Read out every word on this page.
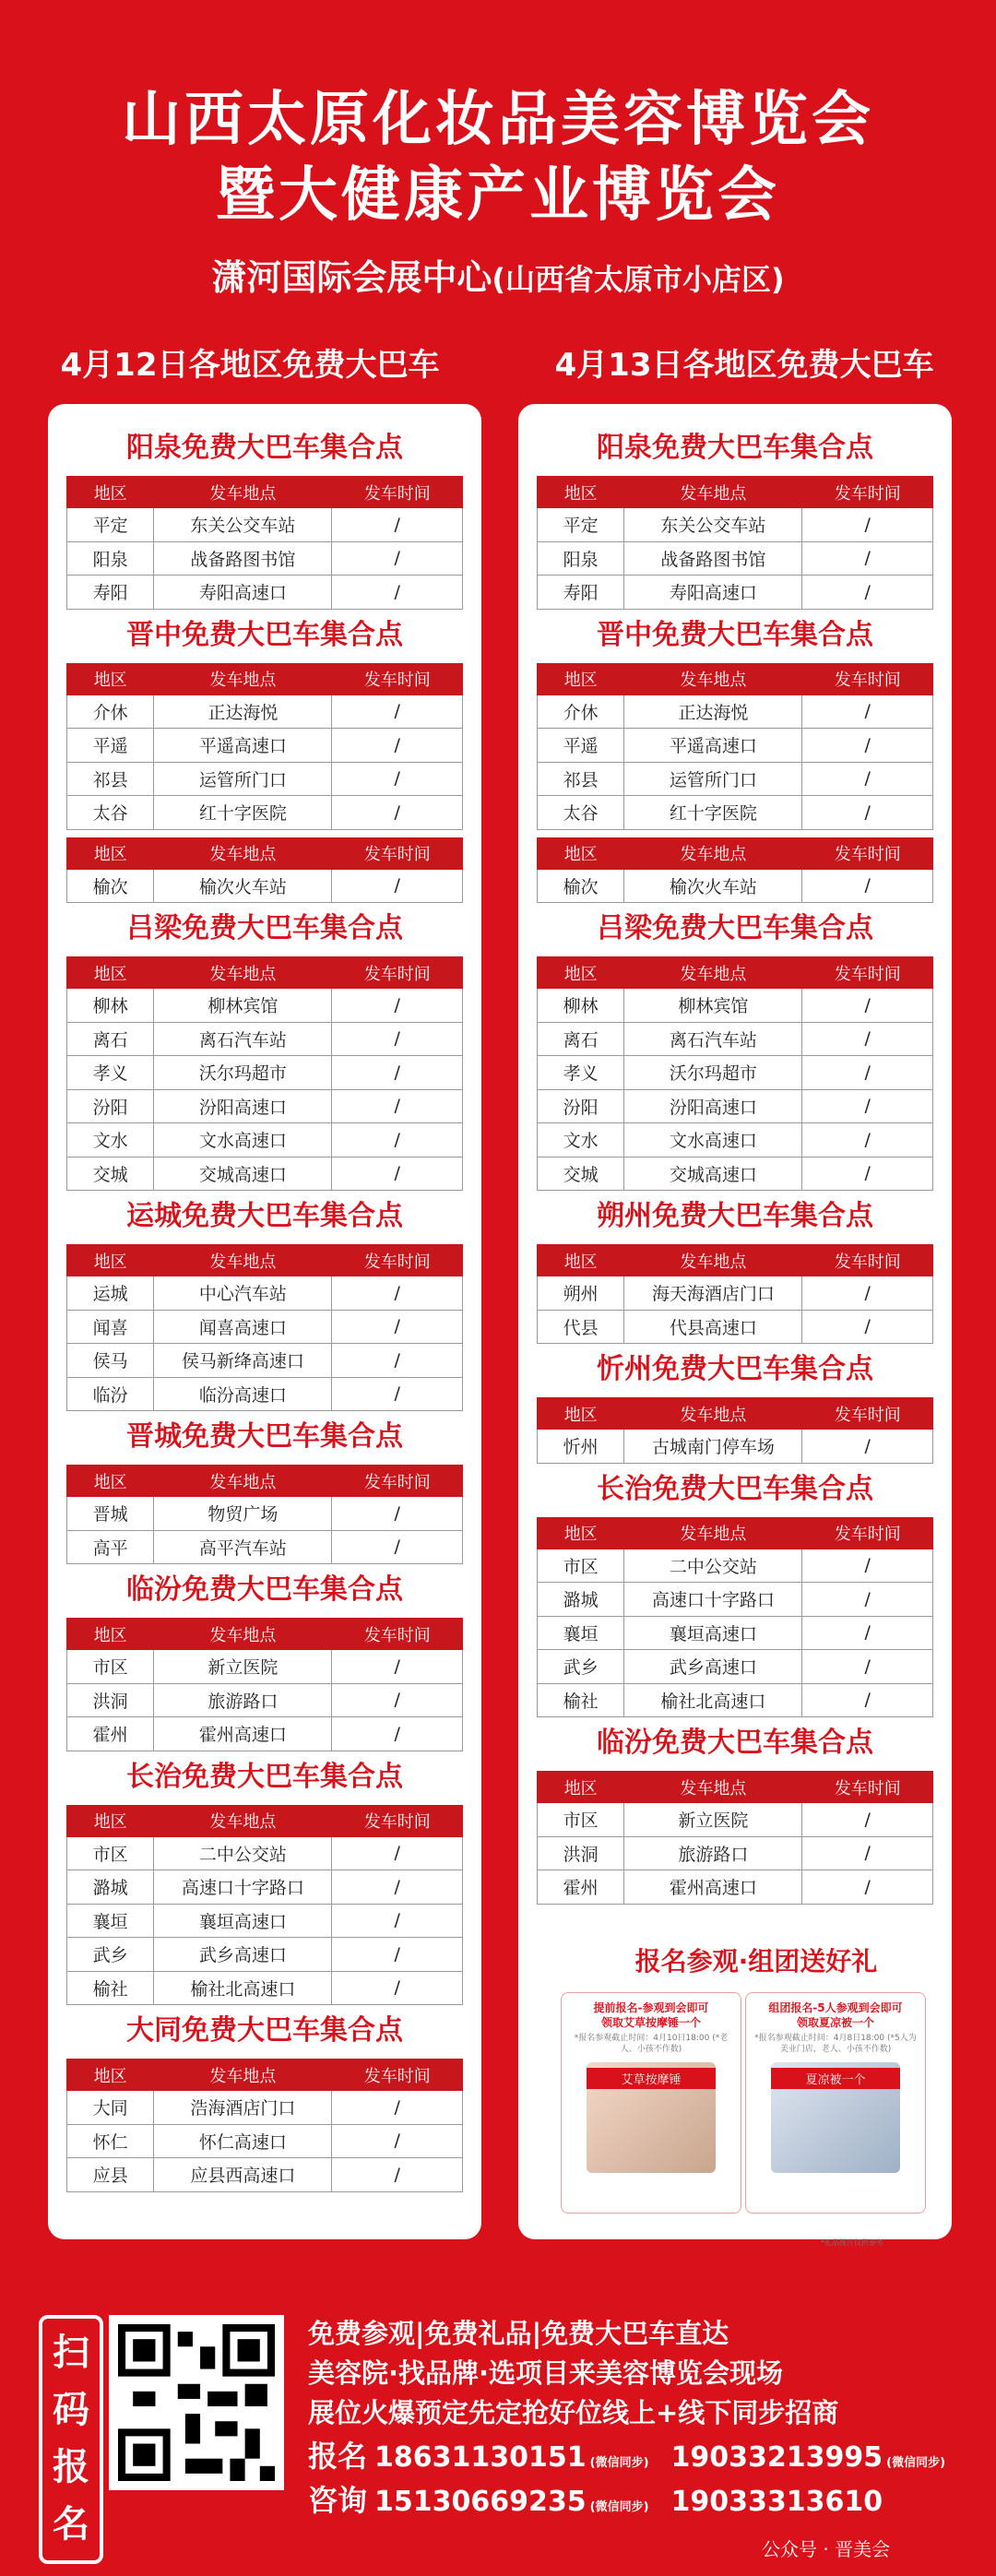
山西太原化妆品美容博览会
暨大健康产业博览会
潇河国际会展中心(山西省太原市小店区)
4月12日各地区免费大巴车	4月13日各地区免费大巴车
阳泉免费大巴车集合点
地区	发车地点	发车时间
平定	东关公交车站	/
阳泉	战备路图书馆	/
寿阳	寿阳高速口	/
晋中免费大巴车集合点
地区	发车地点	发车时间
介休	正达海悦	/
平遥	平遥高速口	/
祁县	运管所门口	/
太谷	红十字医院	/
地区	发车地点	发车时间
榆次	榆次火车站	/
吕梁免费大巴车集合点
地区	发车地点	发车时间
柳林	柳林宾馆	/
离石	离石汽车站	/
孝义	沃尔玛超市	/
汾阳	汾阳高速口	/
文水	文水高速口	/
交城	交城高速口	/
运城免费大巴车集合点
地区	发车地点	发车时间
运城	中心汽车站	/
闻喜	闻喜高速口	/
侯马	侯马新绛高速口	/
临汾	临汾高速口	/
晋城免费大巴车集合点
地区	发车地点	发车时间
晋城	物贸广场	/
高平	高平汽车站	/
临汾免费大巴车集合点
地区	发车地点	发车时间
市区	新立医院	/
洪洞	旅游路口	/
霍州	霍州高速口	/
长治免费大巴车集合点
地区	发车地点	发车时间
市区	二中公交站	/
潞城	高速口十字路口	/
襄垣	襄垣高速口	/
武乡	武乡高速口	/
榆社	榆社北高速口	/
大同免费大巴车集合点
地区	发车地点	发车时间
大同	浩海酒店门口	/
怀仁	怀仁高速口	/
应县	应县西高速口	/
阳泉免费大巴车集合点
地区	发车地点	发车时间
平定	东关公交车站	/
阳泉	战备路图书馆	/
寿阳	寿阳高速口	/
晋中免费大巴车集合点
地区	发车地点	发车时间
介休	正达海悦	/
平遥	平遥高速口	/
祁县	运管所门口	/
太谷	红十字医院	/
地区	发车地点	发车时间
榆次	榆次火车站	/
吕梁免费大巴车集合点
地区	发车地点	发车时间
柳林	柳林宾馆	/
离石	离石汽车站	/
孝义	沃尔玛超市	/
汾阳	汾阳高速口	/
文水	文水高速口	/
交城	交城高速口	/
朔州免费大巴车集合点
地区	发车地点	发车时间
朔州	海天海酒店门口	/
代县	代县高速口	/
忻州免费大巴车集合点
地区	发车地点	发车时间
忻州	古城南门停车场	/
长治免费大巴车集合点
地区	发车地点	发车时间
市区	二中公交站	/
潞城	高速口十字路口	/
襄垣	襄垣高速口	/
武乡	武乡高速口	/
榆社	榆社北高速口	/
临汾免费大巴车集合点
地区	发车地点	发车时间
市区	新立医院	/
洪洞	旅游路口	/
霍州	霍州高速口	/
报名参观·组团送好礼
提前报名-参观到会即可
领取艾草按摩锤一个
*报名参观截止时间：4月10日18:00 (*老人、小孩不作数)
艾草按摩锤
组团报名-5人参观到会即可
领取夏凉被一个
*报名参观截止时间：4月8日18:00 (*5人为美业门店，老人、小孩不作数)
夏凉被一个
*礼品图片仅供参考
扫码报名
免费参观|免费礼品|免费大巴车直达
美容院·找品牌·选项目来美容博览会现场
展位火爆预定先定抢好位线上+线下同步招商
报名 18631130151 (微信同步) 19033213995 (微信同步)
咨询 15130669235 (微信同步) 19033313610
公众号 · 晋美会
